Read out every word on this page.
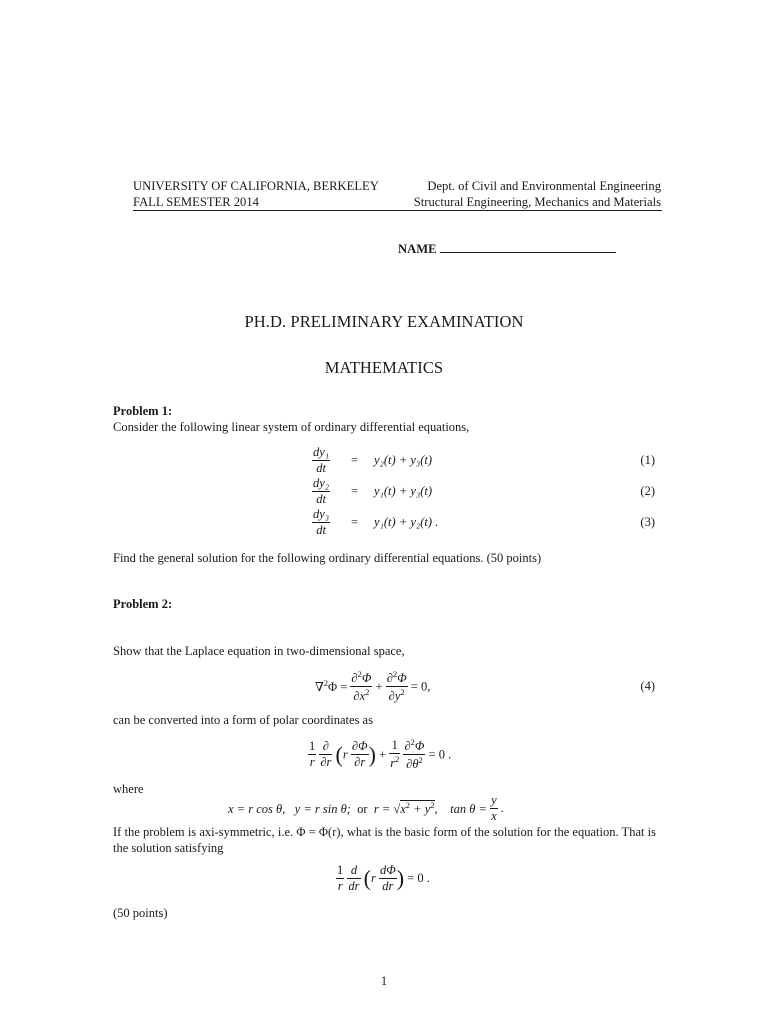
UNIVERSITY OF CALIFORNIA, BERKELEY	Dept. of Civil and Environmental Engineering
FALL SEMESTER 2014	Structural Engineering, Mechanics and Materials
NAME
PH.D. PRELIMINARY EXAMINATION
MATHEMATICS
Problem 1:
Consider the following linear system of ordinary differential equations,
$\frac{\text{dy₁}}{dt} = y_2(t) + y_3(t)$	(1)
$\frac{\text{dy₂}}{dt} = y_1(t) + y_3(t)$	(2)
$\frac{\text{dy₃}}{dt} = y_1(t) + y_2(t)$ .	(3)
Find the general solution for the following ordinary differential equations. (50 points)
Problem 2:
Show that the Laplace equation in two-dimensional space,
$\nabla^2\Phi = \frac{\partial^2\Phi}{\partial x^2} + \frac{\partial^2\Phi}{\partial y^2} = 0$,	(4)
can be converted into a form of polar coordinates as
$\frac{1}{r}$
$\frac{\partial}{\partial r} (r \frac{\partial\Phi}{\partial r}$ ) + $\frac{1}{r^2}$
$\frac{\partial^2\Phi}{\partial\theta^2} = 0$ .
where
x = r cos θ,   y = r sin θ;  or  $r = √x^2 + y^2$,    $\tan \theta = \frac{y}{x}$ .
If the problem is axi-symmetric, i.e. Φ = Φ(r), what is the basic form of the solution for the equation. That is the solution satisfying
$\frac{1}{r}$
$\frac{d}{dr} (r \frac{d\Phi}{dr}$ ) = 0 .
(50 points)
1
